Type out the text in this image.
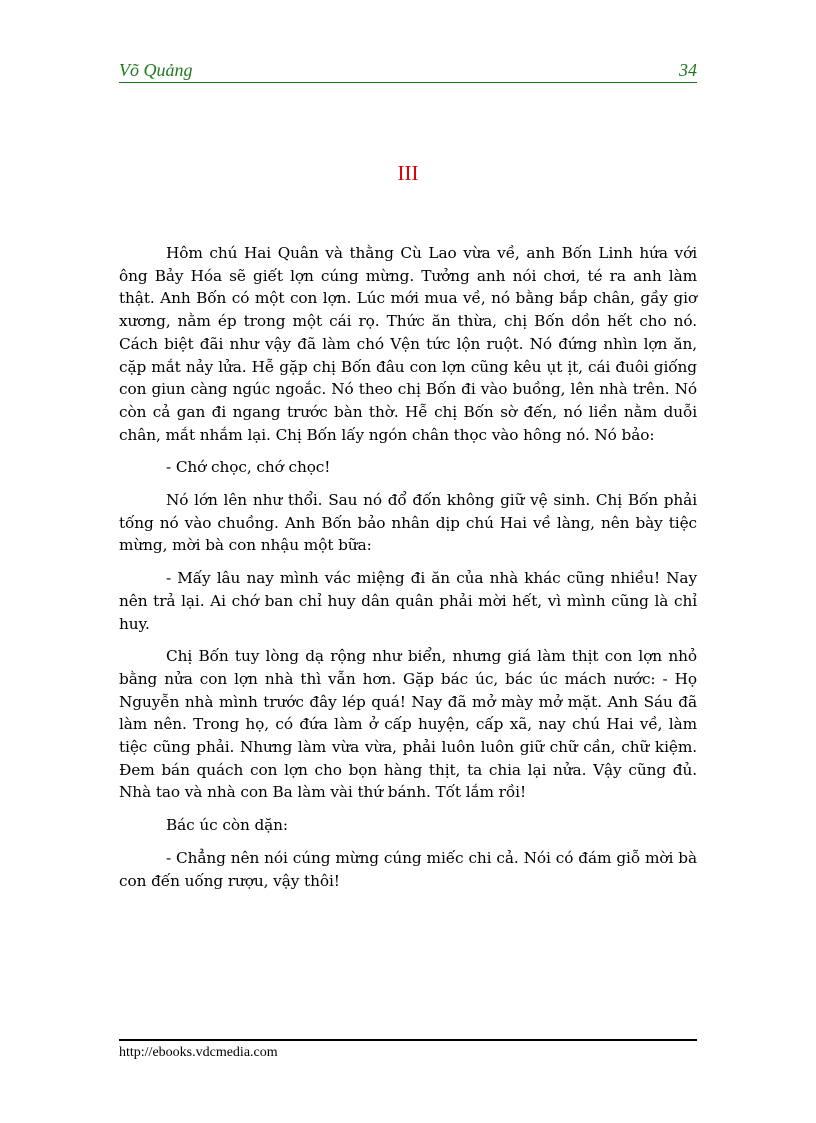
Võ Quảng	34
III

Hôm chú Hai Quân và thằng Cù Lao vừa về, anh Bốn Linh hứa với ông Bảy Hóa sẽ giết lợn cúng mừng. Tưởng anh nói chơi, té ra anh làm thật. Anh Bốn có một con lợn. Lúc mới mua về, nó bằng bắp chân, gầy giơ xương, nằm ép trong một cái rọ. Thức ăn thừa, chị Bốn dồn hết cho nó. Cách biệt đãi như vậy đã làm chó Vện tức lộn ruột. Nó đứng nhìn lợn ăn, cặp mắt nảy lửa. Hễ gặp chị Bốn đâu con lợn cũng kêu ụt ịt, cái đuôi giống con giun càng ngúc ngoắc. Nó theo chị Bốn đi vào buồng, lên nhà trên. Nó còn cả gan đi ngang trước bàn thờ. Hễ chị Bốn sờ đến, nó liền nằm duỗi chân, mắt nhắm lại. Chị Bốn lấy ngón chân thọc vào hông nó. Nó bảo:

- Chớ chọc, chớ chọc!

Nó lớn lên như thổi. Sau nó đổ đốn không giữ vệ sinh. Chị Bốn phải tống nó vào chuồng. Anh Bốn bảo nhân dịp chú Hai về làng, nên bày tiệc mừng, mời bà con nhậu một bữa:

- Mấy lâu nay mình vác miệng đi ăn của nhà khác cũng nhiều! Nay nên trả lại. Ai chớ ban chỉ huy dân quân phải mời hết, vì mình cũng là chỉ huy.

Chị Bốn tuy lòng dạ rộng như biển, nhưng giá làm thịt con lợn nhỏ bằng nửa con lợn nhà thì vẫn hơn. Gặp bác úc, bác úc mách nước: - Họ Nguyễn nhà mình trước đây lép quá! Nay đã mở mày mở mặt. Anh Sáu đã làm nên. Trong họ, có đứa làm ở cấp huyện, cấp xã, nay chú Hai về, làm tiệc cũng phải. Nhưng làm vừa vừa, phải luôn luôn giữ chữ cần, chữ kiệm. Đem bán quách con lợn cho bọn hàng thịt, ta chia lại nửa. Vậy cũng đủ. Nhà tao và nhà con Ba làm vài thứ bánh. Tốt lắm rồi!

Bác úc còn dặn:

- Chẳng nên nói cúng mừng cúng miếc chi cả. Nói có đám giỗ mời bà con đến uống rượu, vậy thôi!

http://ebooks.vdcmedia.com
